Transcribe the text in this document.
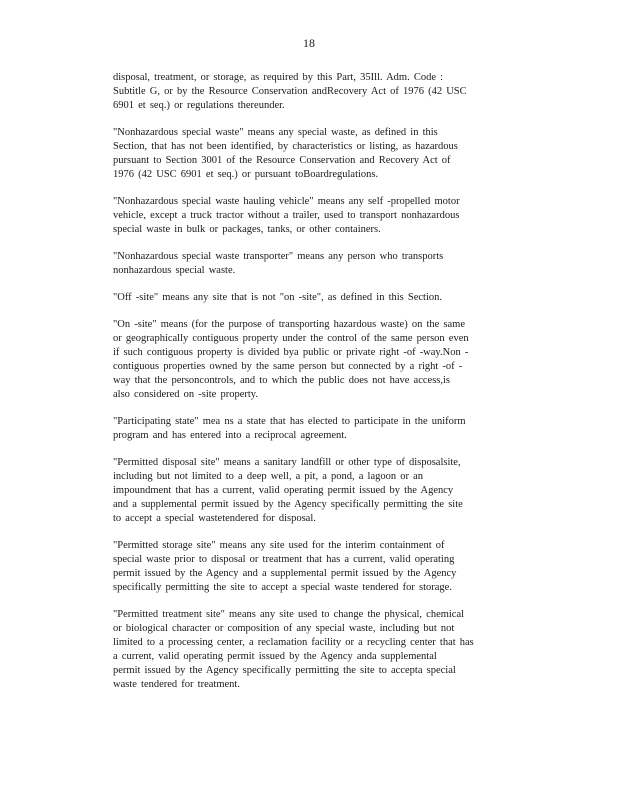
18

disposal, treatment, or storage, as required by this Part, 35Ill. Adm. Code :
Subtitle G, or by the Resource Conservation andRecovery Act of 1976 (42 USC
6901 et seq.) or regulations thereunder.

"Nonhazardous special waste" means any special waste, as defined in this
Section, that has not been identified, by characteristics or listing, as hazardous
pursuant to Section 3001 of the Resource Conservation and Recovery Act of
1976 (42 USC 6901 et seq.) or pursuant toBoardregulations.

"Nonhazardous special waste hauling vehicle" means any self -propelled motor
vehicle, except a truck tractor without a trailer, used to transport nonhazardous
special waste in bulk or packages, tanks, or other containers.

"Nonhazardous special waste transporter" means any person who transports
nonhazardous special waste.

"Off -site" means any site that is not "on -site", as defined in this Section.

"On -site" means (for the purpose of transporting hazardous waste) on the same
or geographically contiguous property under the control of the same person even
if such contiguous property is divided bya public or private right -of -way.Non -
contiguous properties owned by the same person but connected by a right -of -
way that the personcontrols, and to which the public does not have access,is
also considered on -site property.

"Participating state" mea ns a state that has elected to participate in the uniform
program and has entered into a reciprocal agreement.

"Permitted disposal site" means a sanitary landfill or other type of disposalsite,
including but not limited to a deep well, a pit, a pond, a lagoon or an
impoundment that has a current, valid operating permit issued by the Agency
and a supplemental permit issued by the Agency specifically permitting the site
to accept a special wastetendered for disposal.

"Permitted storage site" means any site used for the interim containment of
special waste prior to disposal or treatment that has a current, valid operating
permit issued by the Agency and a supplemental permit issued by the Agency
specifically permitting the site to accept a special waste tendered for storage.

"Permitted treatment site" means any site used to change the physical, chemical
or biological character or composition of any special waste, including but not
limited to a processing center, a reclamation facility or a recycling center that has
a current, valid operating permit issued by the Agency anda supplemental
permit issued by the Agency specifically permitting the site to accepta special
waste tendered for treatment.
